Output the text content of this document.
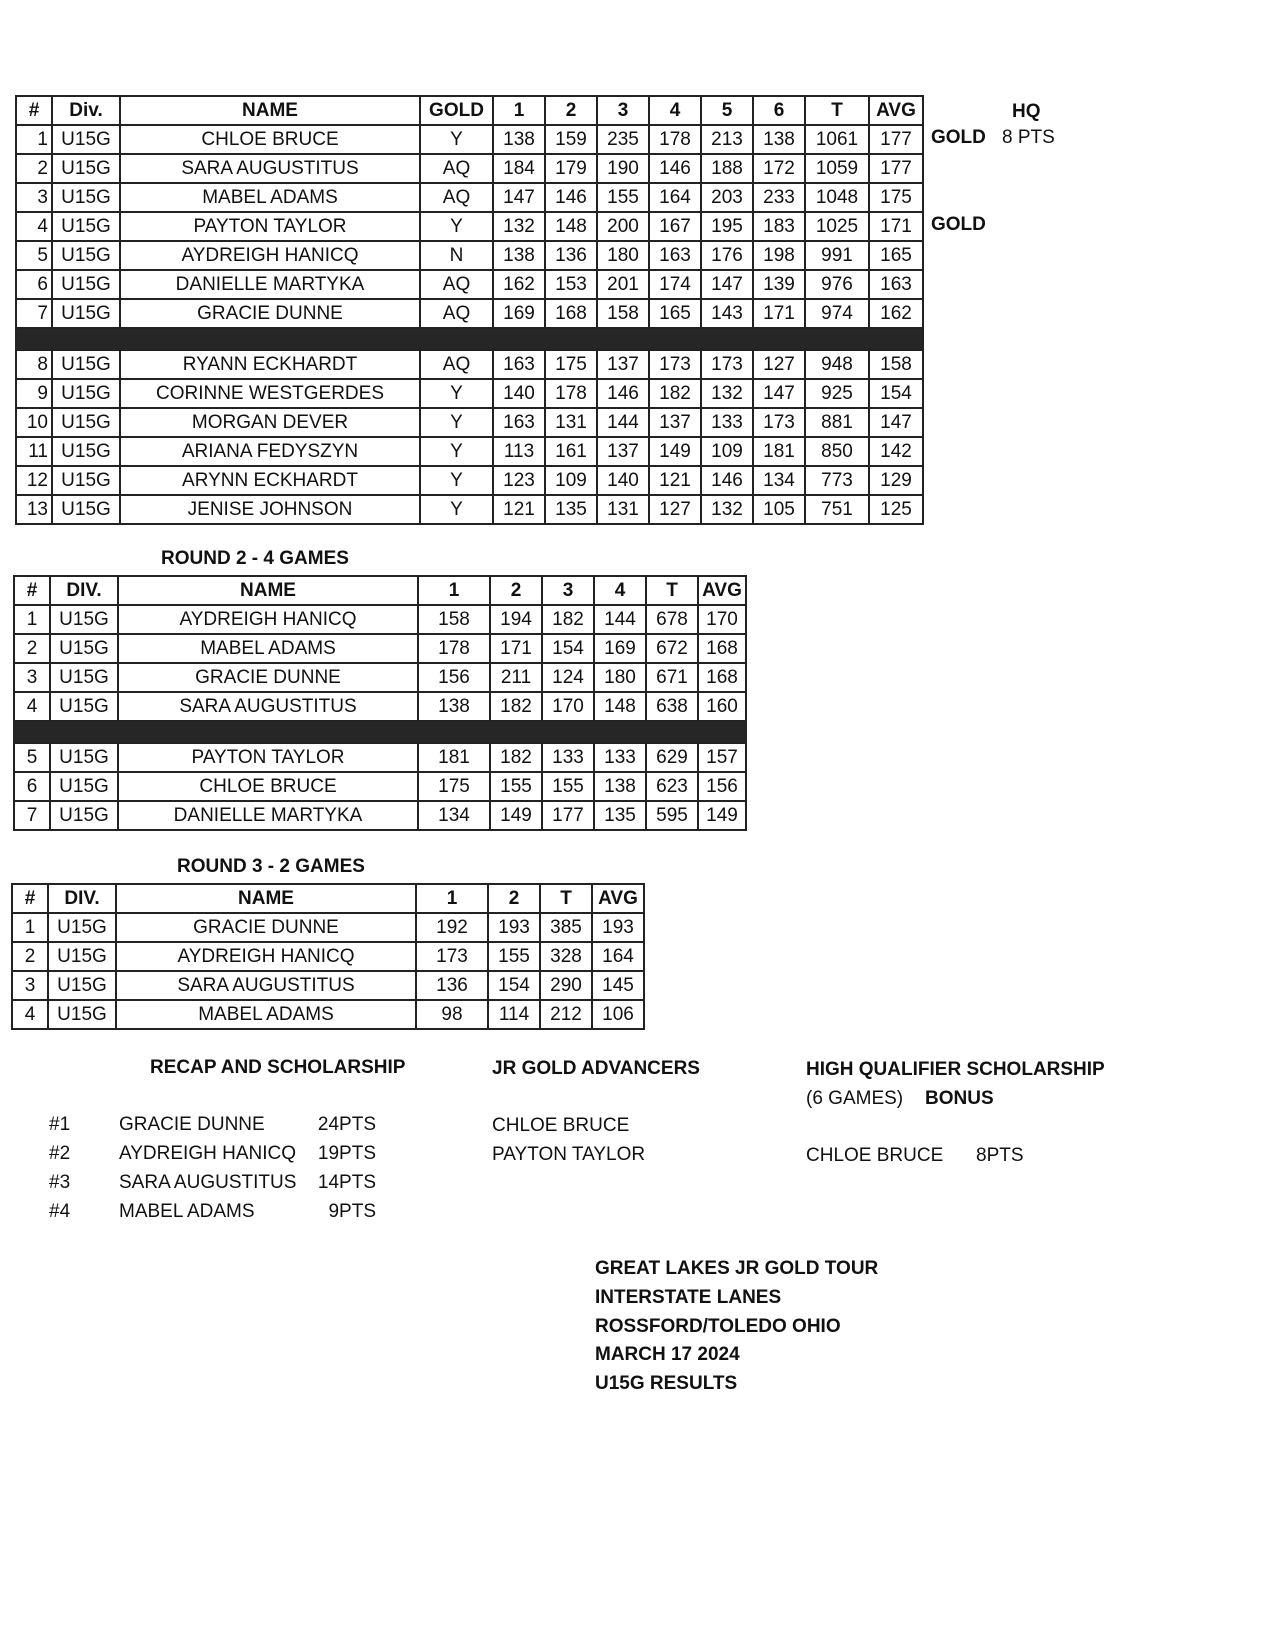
#	Div.	NAME	GOLD	1	2	3	4	5	6	T	AVG
1	U15G	CHLOE BRUCE	Y	138	159	235	178	213	138	1061	177
2	U15G	SARA AUGUSTITUS	AQ	184	179	190	146	188	172	1059	177
3	U15G	MABEL ADAMS	AQ	147	146	155	164	203	233	1048	175
4	U15G	PAYTON TAYLOR	Y	132	148	200	167	195	183	1025	171
5	U15G	AYDREIGH HANICQ	N	138	136	180	163	176	198	991	165
6	U15G	DANIELLE MARTYKA	AQ	162	153	201	174	147	139	976	163
7	U15G	GRACIE DUNNE	AQ	169	168	158	165	143	171	974	162

8	U15G	RYANN ECKHARDT	AQ	163	175	137	173	173	127	948	158
9	U15G	CORINNE WESTGERDES	Y	140	178	146	182	132	147	925	154
10	U15G	MORGAN DEVER	Y	163	131	144	137	133	173	881	147
11	U15G	ARIANA FEDYSZYN	Y	113	161	137	149	109	181	850	142
12	U15G	ARYNN ECKHARDT	Y	123	109	140	121	146	134	773	129
13	U15G	JENISE JOHNSON	Y	121	135	131	127	132	105	751	125
HQ
GOLD 8 PTS
GOLD
ROUND 2 - 4 GAMES
#	DIV.	NAME	1	2	3	4	T	AVG
1	U15G	AYDREIGH HANICQ	158	194	182	144	678	170
2	U15G	MABEL ADAMS	178	171	154	169	672	168
3	U15G	GRACIE DUNNE	156	211	124	180	671	168
4	U15G	SARA AUGUSTITUS	138	182	170	148	638	160

5	U15G	PAYTON TAYLOR	181	182	133	133	629	157
6	U15G	CHLOE BRUCE	175	155	155	138	623	156
7	U15G	DANIELLE MARTYKA	134	149	177	135	595	149
ROUND 3 - 2 GAMES
#	DIV.	NAME	1	2	T	AVG
1	U15G	GRACIE DUNNE	192	193	385	193
2	U15G	AYDREIGH HANICQ	173	155	328	164
3	U15G	SARA AUGUSTITUS	136	154	290	145
4	U15G	MABEL ADAMS	98	114	212	106
RECAP AND SCHOLARSHIP
#1	GRACIE DUNNE	24PTS
#2	AYDREIGH HANICQ 19PTS
#3	SARA AUGUSTITUS 14PTS
#4	MABEL ADAMS	9PTS
JR GOLD ADVANCERS
CHLOE BRUCE
PAYTON TAYLOR
HIGH QUALIFIER SCHOLARSHIP
(6 GAMES) BONUS
CHLOE BRUCE 8PTS
GREAT LAKES JR GOLD TOUR
INTERSTATE LANES
ROSSFORD/TOLEDO OHIO
MARCH 17 2024
U15G RESULTS
